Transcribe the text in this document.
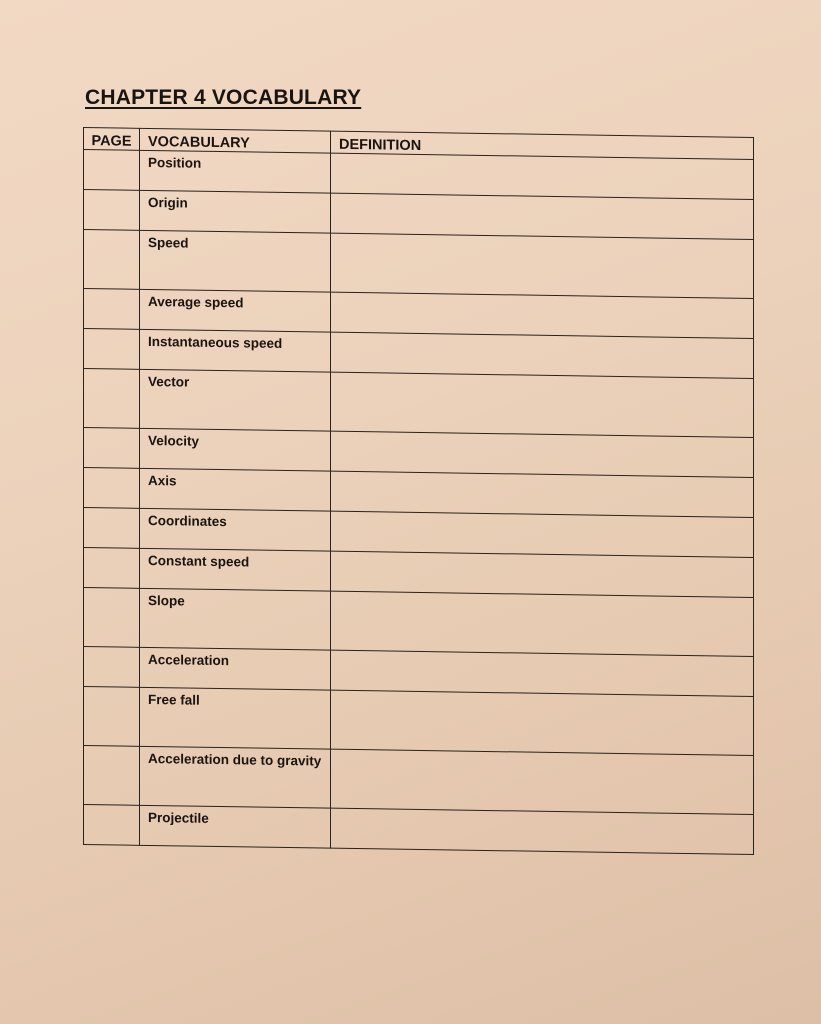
CHAPTER 4 VOCABULARY
PAGE	VOCABULARY	DEFINITION
	Position	
	Origin	
	Speed	
	Average speed	
	Instantaneous speed	
	Vector	
	Velocity	
	Axis	
	Coordinates	
	Constant speed	
	Slope	
	Acceleration	
	Free fall	
	Acceleration due to gravity	
	Projectile	
